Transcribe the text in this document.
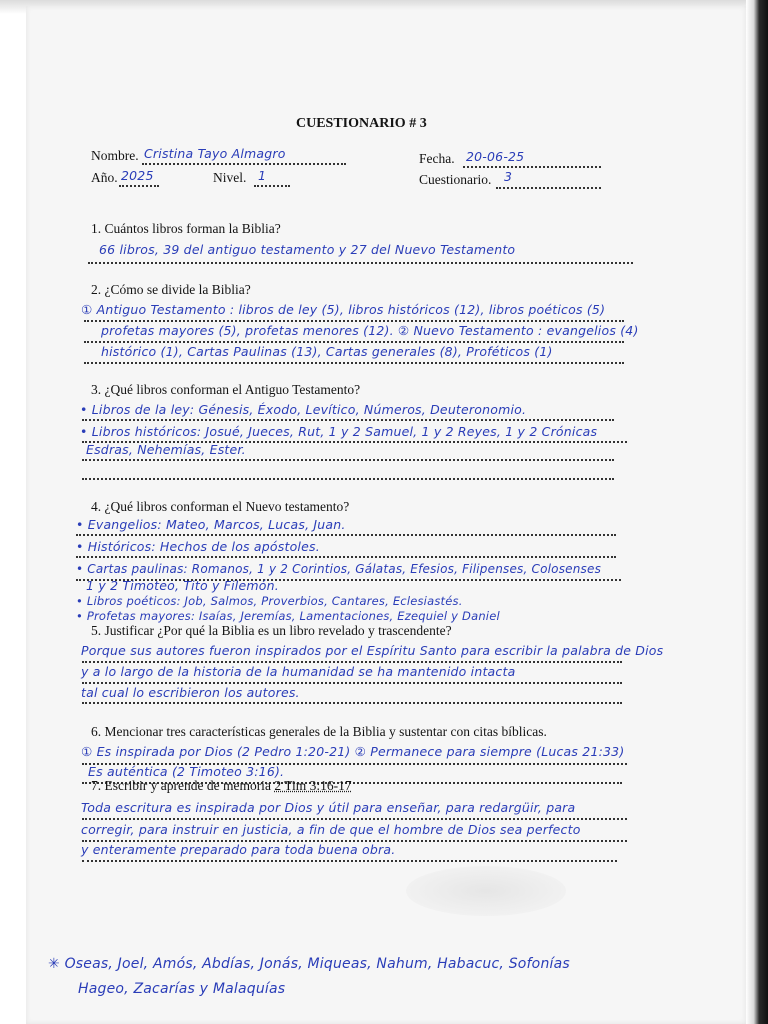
CUESTIONARIO # 3
Nombre. Cristina Tayo Almagro	Fecha. 20-06-25
Año. 2025	Nivel. 1	Cuestionario. 3
1. Cuántos libros forman la Biblia?
66 libros, 39 del antiguo testamento y 27 del Nuevo Testamento
2. ¿Cómo se divide la Biblia?
① Antiguo Testamento : libros de ley (5), libros históricos (12), libros poéticos (5)
profetas mayores (5), profetas menores (12). ② Nuevo Testamento : evangelios (4)
histórico (1), Cartas Paulinas (13), Cartas generales (8), Proféticos (1)
3. ¿Qué libros conforman el Antiguo Testamento?
• Libros de la ley: Génesis, Éxodo, Levítico, Números, Deuteronomio.
• Libros históricos: Josué, Jueces, Rut, 1 y 2 Samuel, 1 y 2 Reyes, 1 y 2 Crónicas
Esdras, Nehemías, Ester.
4. ¿Qué libros conforman el Nuevo testamento?
• Evangelios: Mateo, Marcos, Lucas, Juan.
• Históricos: Hechos de los apóstoles.
• Cartas paulinas: Romanos, 1 y 2 Corintios, Gálatas, Efesios, Filipenses, Colosenses
1 y 2 Timoteo, Tito y Filemón.
• Libros poéticos: Job, Salmos, Proverbios, Cantares, Eclesiastés.
• Profetas mayores: Isaías, Jeremías, Lamentaciones, Ezequiel y Daniel
5. Justificar ¿Por qué la Biblia es un libro revelado y trascendente?
Porque sus autores fueron inspirados por el Espíritu Santo para escribir la palabra de Dios
y a lo largo de la historia de la humanidad se ha mantenido intacta
tal cual lo escribieron los autores.
6. Mencionar tres características generales de la Biblia y sustentar con citas bíblicas.
① Es inspirada por Dios (2 Pedro 1:20-21) ② Permanece para siempre (Lucas 21:33)
Es auténtica (2 Timoteo 3:16).
7. Escribir y aprende de memoria 2 Tim 3:16-17
Toda escritura es inspirada por Dios y útil para enseñar, para redargüir, para
corregir, para instruir en justicia, a fin de que el hombre de Dios sea perfecto
y enteramente preparado para toda buena obra.
✳ Oseas, Joel, Amós, Abdías, Jonás, Miqueas, Nahum, Habacuc, Sofonías
Hageo, Zacarías y Malaquías
